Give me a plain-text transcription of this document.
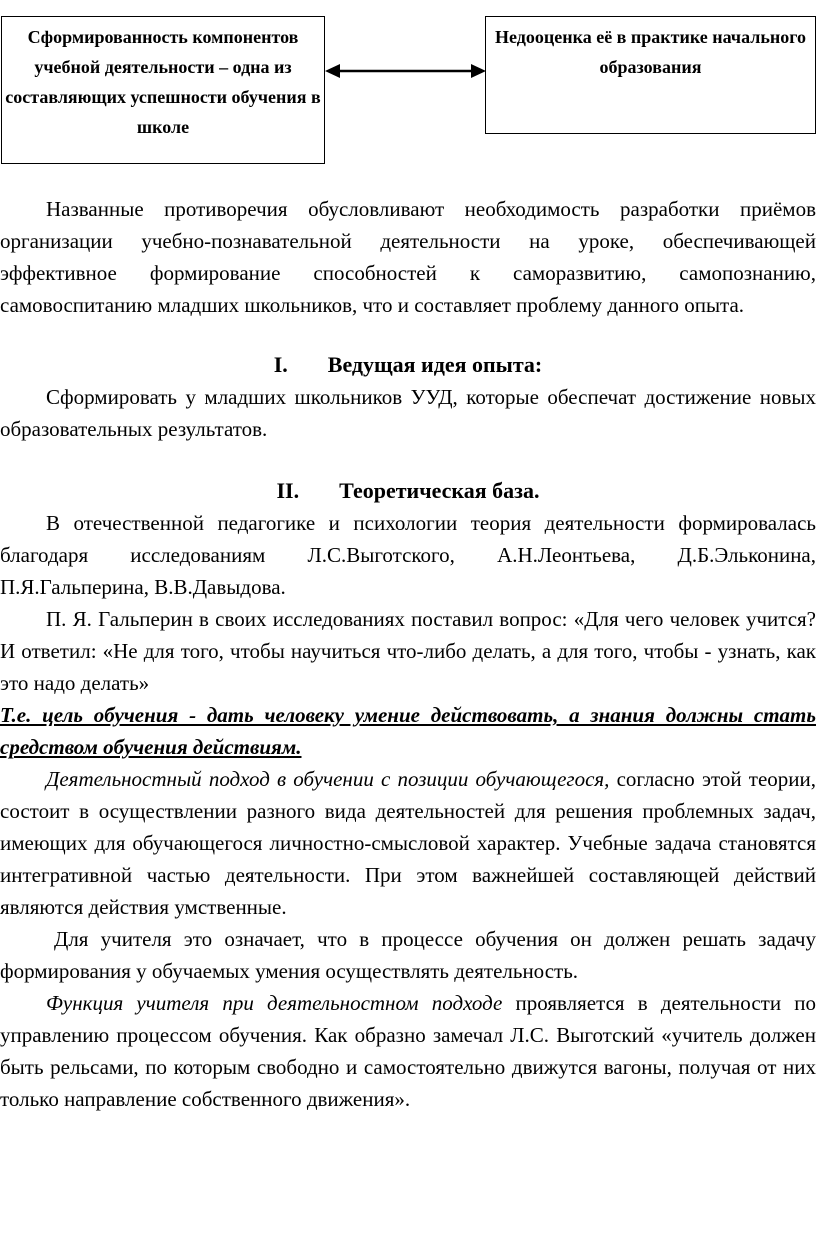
Сформированность компонентов учебной деятельности – одна из составляющих успешности обучения в школе
Недооценка её в практике начального образования

Названные противоречия обусловливают необходимость разработки приёмов организации учебно-познавательной деятельности на уроке, обеспечивающей эффективное формирование способностей к саморазвитию, самопознанию, самовоспитанию младших школьников, что и составляет проблему данного опыта.

I. Ведущая идея опыта:

Сформировать у младших школьников УУД, которые обеспечат достижение новых образовательных результатов.

II. Теоретическая база.

В отечественной педагогике и психологии теория деятельности формировалась благодаря исследованиям Л.С.Выготского, А.Н.Леонтьева, Д.Б.Эльконина, П.Я.Гальперина, В.В.Давыдова.

П. Я. Гальперин в своих исследованиях поставил вопрос: «Для чего человек учится? И ответил: «Не для того, чтобы научиться что-либо делать, а для того, чтобы - узнать, как это надо делать»

Т.е. цель обучения - дать человеку умение действовать, а знания должны стать средством обучения действиям.

Деятельностный подход в обучении с позиции обучающегося, согласно этой теории, состоит в осуществлении разного вида деятельностей для решения проблемных задач, имеющих для обучающегося личностно-смысловой характер. Учебные задача становятся интегративной частью деятельности. При этом важнейшей составляющей действий являются действия умственные.

Для учителя это означает, что в процессе обучения он должен решать задачу формирования у обучаемых умения осуществлять деятельность.

Функция учителя при деятельностном подходе проявляется в деятельности по управлению процессом обучения. Как образно замечал Л.С. Выготский «учитель должен быть рельсами, по которым свободно и самостоятельно движутся вагоны, получая от них только направление собственного движения».
